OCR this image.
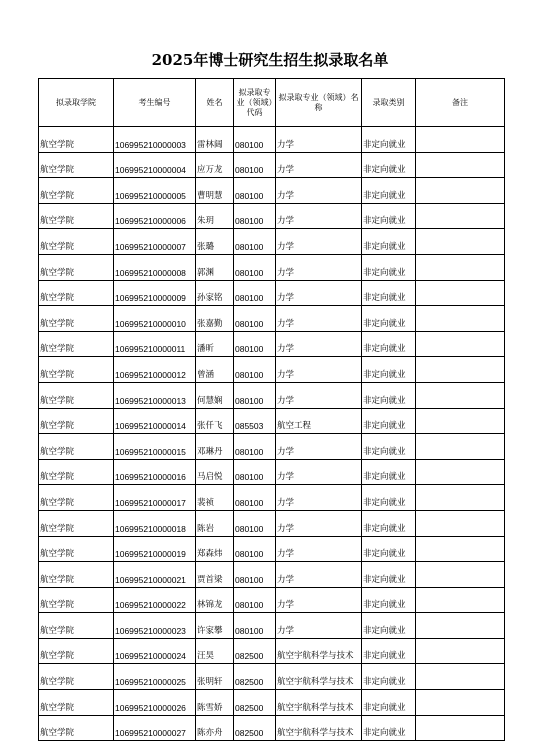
2025年博士研究生招生拟录取名单
拟录取学院	考生编号	姓名	拟录取专业（领域）代码	拟录取专业（领域）名称	录取类别	备注
航空学院	106995210000003	雷林阔	080100	力学	非定向就业	
航空学院	106995210000004	应万龙	080100	力学	非定向就业	
航空学院	106995210000005	曹明慧	080100	力学	非定向就业	
航空学院	106995210000006	朱玥	080100	力学	非定向就业	
航空学院	106995210000007	张璐	080100	力学	非定向就业	
航空学院	106995210000008	郭渊	080100	力学	非定向就业	
航空学院	106995210000009	孙家铭	080100	力学	非定向就业	
航空学院	106995210000010	张嘉勤	080100	力学	非定向就业	
航空学院	106995210000011	潘昕	080100	力学	非定向就业	
航空学院	106995210000012	曾涵	080100	力学	非定向就业	
航空学院	106995210000013	何慧娴	080100	力学	非定向就业	
航空学院	106995210000014	张仟飞	085503	航空工程	非定向就业	
航空学院	106995210000015	邓琳丹	080100	力学	非定向就业	
航空学院	106995210000016	马启悦	080100	力学	非定向就业	
航空学院	106995210000017	裴祯	080100	力学	非定向就业	
航空学院	106995210000018	陈岩	080100	力学	非定向就业	
航空学院	106995210000019	郑森炜	080100	力学	非定向就业	
航空学院	106995210000021	贾首梁	080100	力学	非定向就业	
航空学院	106995210000022	林锦龙	080100	力学	非定向就业	
航空学院	106995210000023	许家攀	080100	力学	非定向就业	
航空学院	106995210000024	汪昊	082500	航空宇航科学与技术	非定向就业	
航空学院	106995210000025	张明轩	082500	航空宇航科学与技术	非定向就业	
航空学院	106995210000026	陈雪娇	082500	航空宇航科学与技术	非定向就业	
航空学院	106995210000027	陈亦舟	082500	航空宇航科学与技术	非定向就业	
